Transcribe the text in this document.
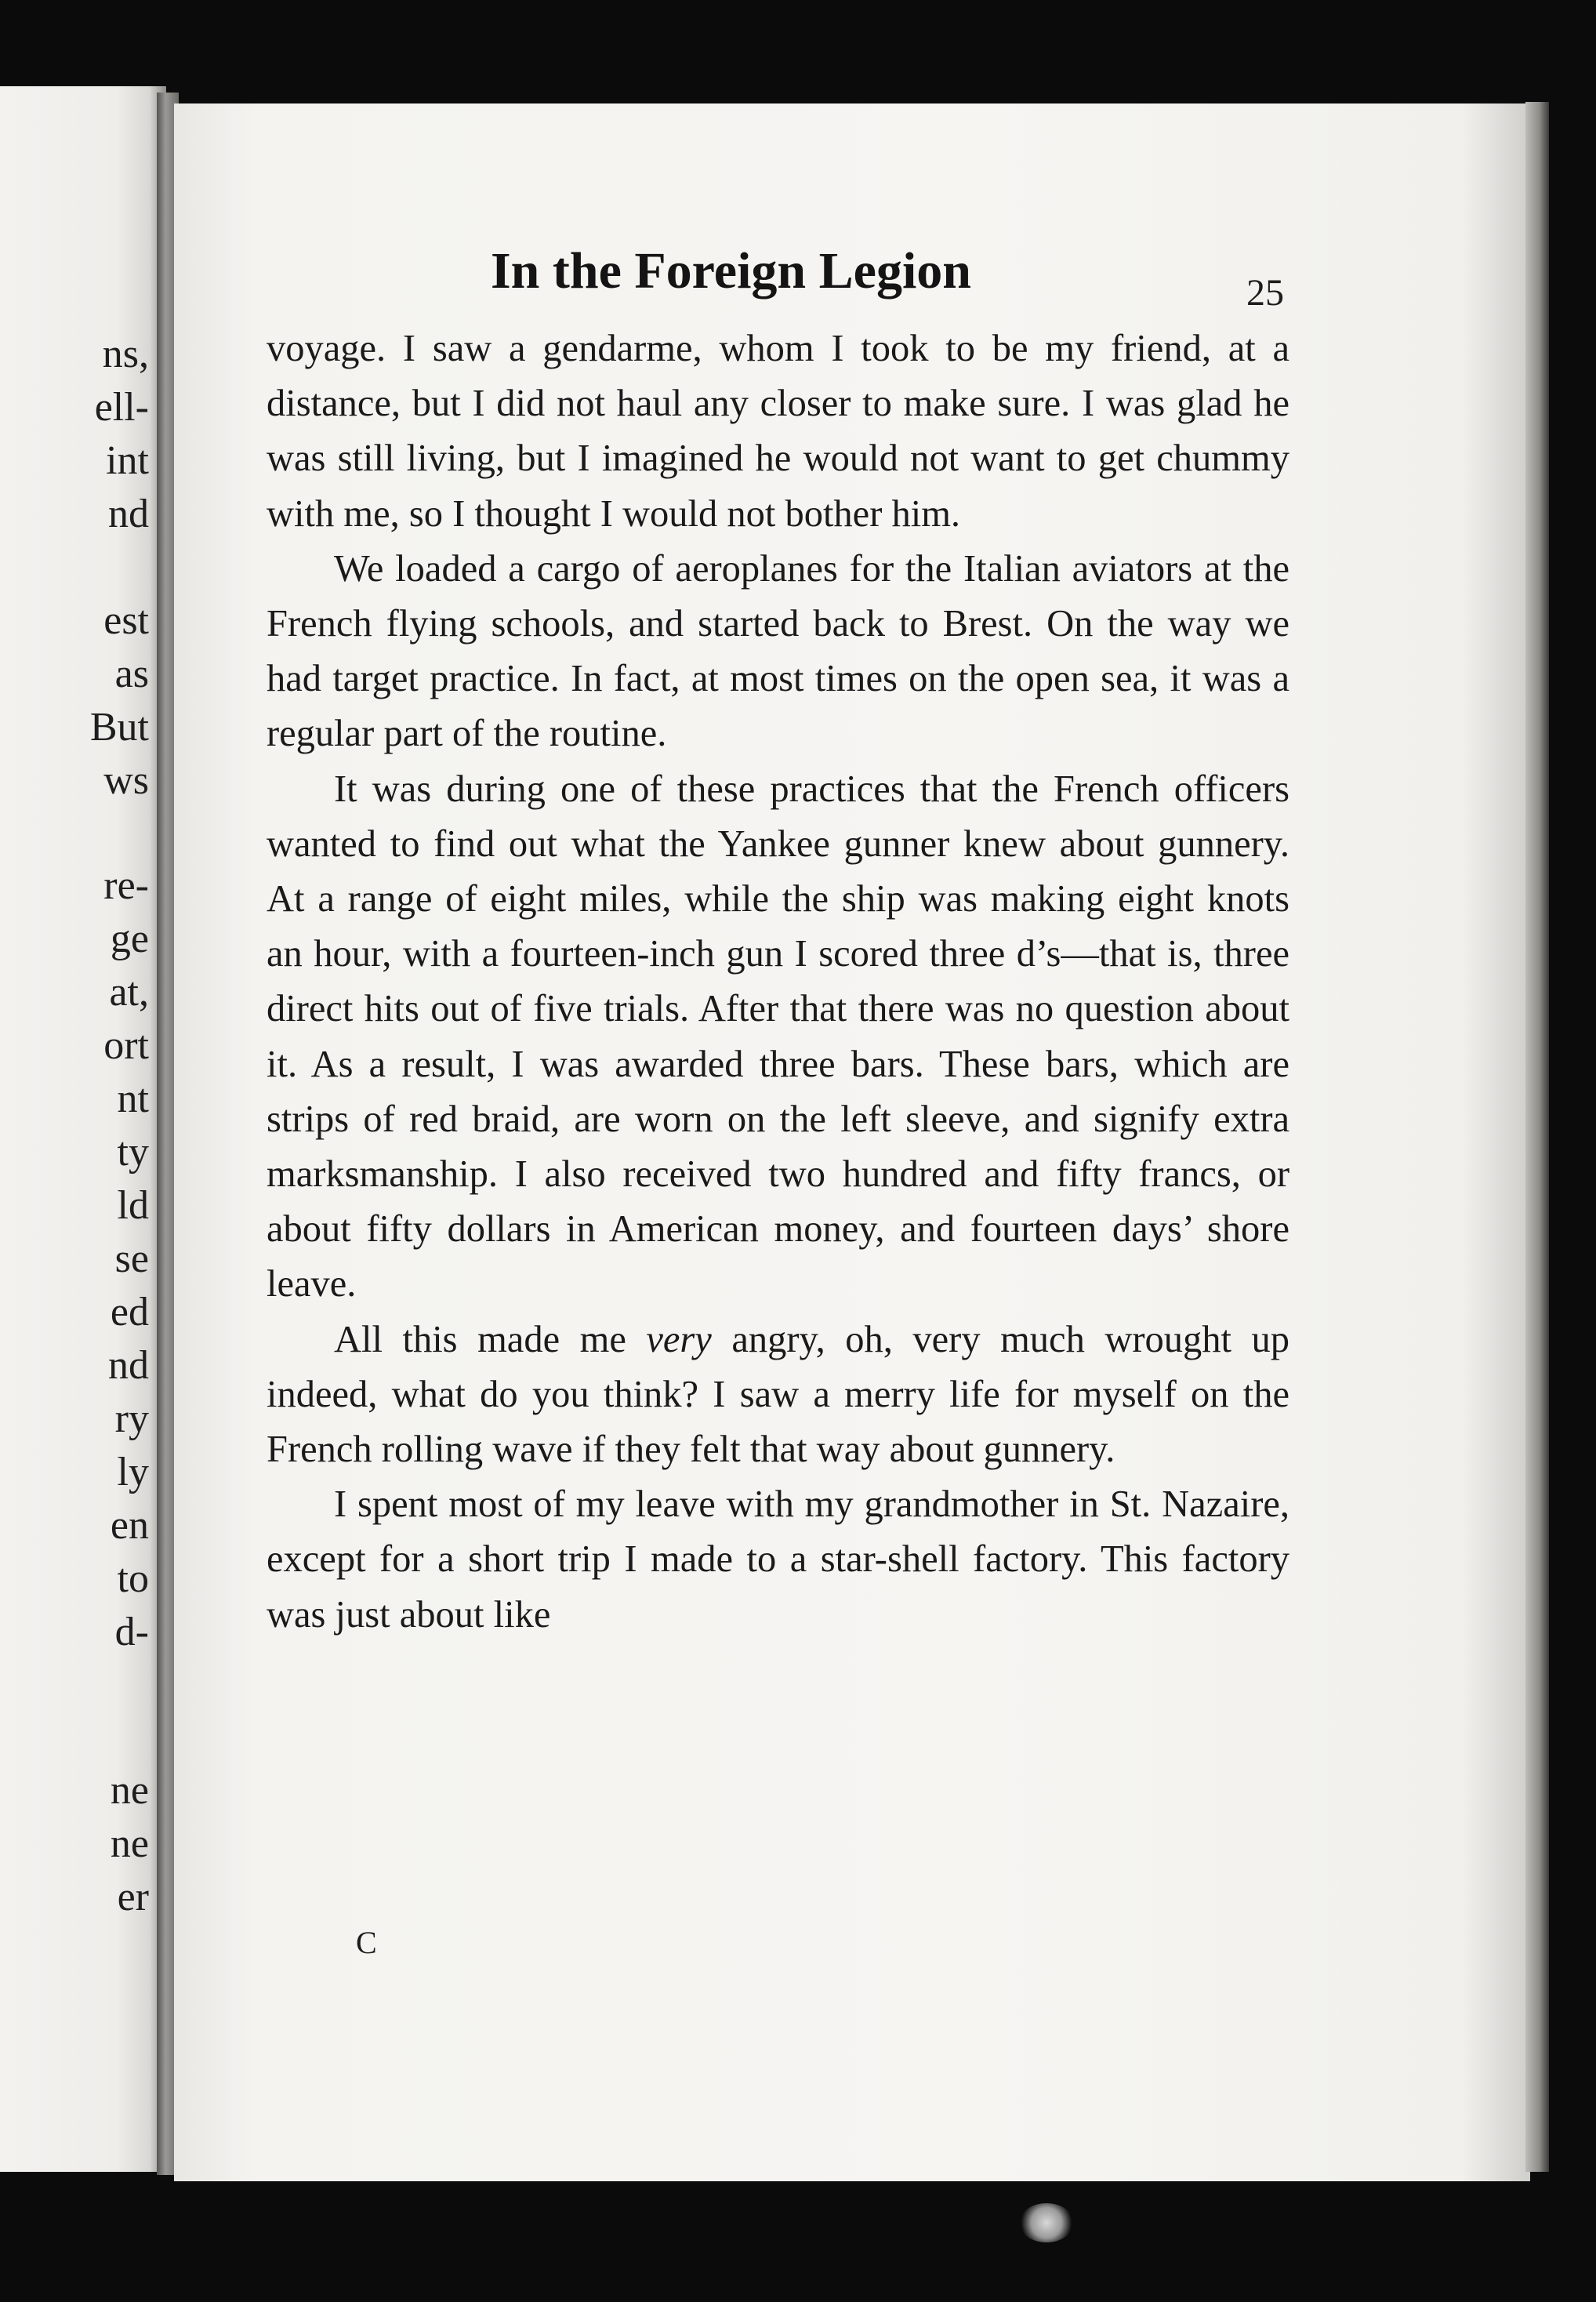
ns,
ell-
int
nd
est
as
But
ws
re-
ge
at,
ort
nt
ty
ld
se
ed
nd
ry
ly
en
to
d-
ne
ne
er
In the Foreign Legion	25

voyage. I saw a gendarme, whom I took to be my friend, at a distance, but I did not haul any closer to make sure. I was glad he was still living, but I imagined he would not want to get chummy with me, so I thought I would not bother him.

We loaded a cargo of aeroplanes for the Italian aviators at the French flying schools, and started back to Brest. On the way we had target practice. In fact, at most times on the open sea, it was a regular part of the routine.

It was during one of these practices that the French officers wanted to find out what the Yankee gunner knew about gunnery. At a range of eight miles, while the ship was making eight knots an hour, with a fourteen-inch gun I scored three d’s—that is, three direct hits out of five trials. After that there was no question about it. As a result, I was awarded three bars. These bars, which are strips of red braid, are worn on the left sleeve, and signify extra marksmanship. I also received two hundred and fifty francs, or about fifty dollars in American money, and fourteen days’ shore leave.

All this made me very angry, oh, very much wrought up indeed, what do you think? I saw a merry life for myself on the French rolling wave if they felt that way about gunnery.

I spent most of my leave with my grandmother in St. Nazaire, except for a short trip I made to a star-shell factory. This factory was just about like

C
